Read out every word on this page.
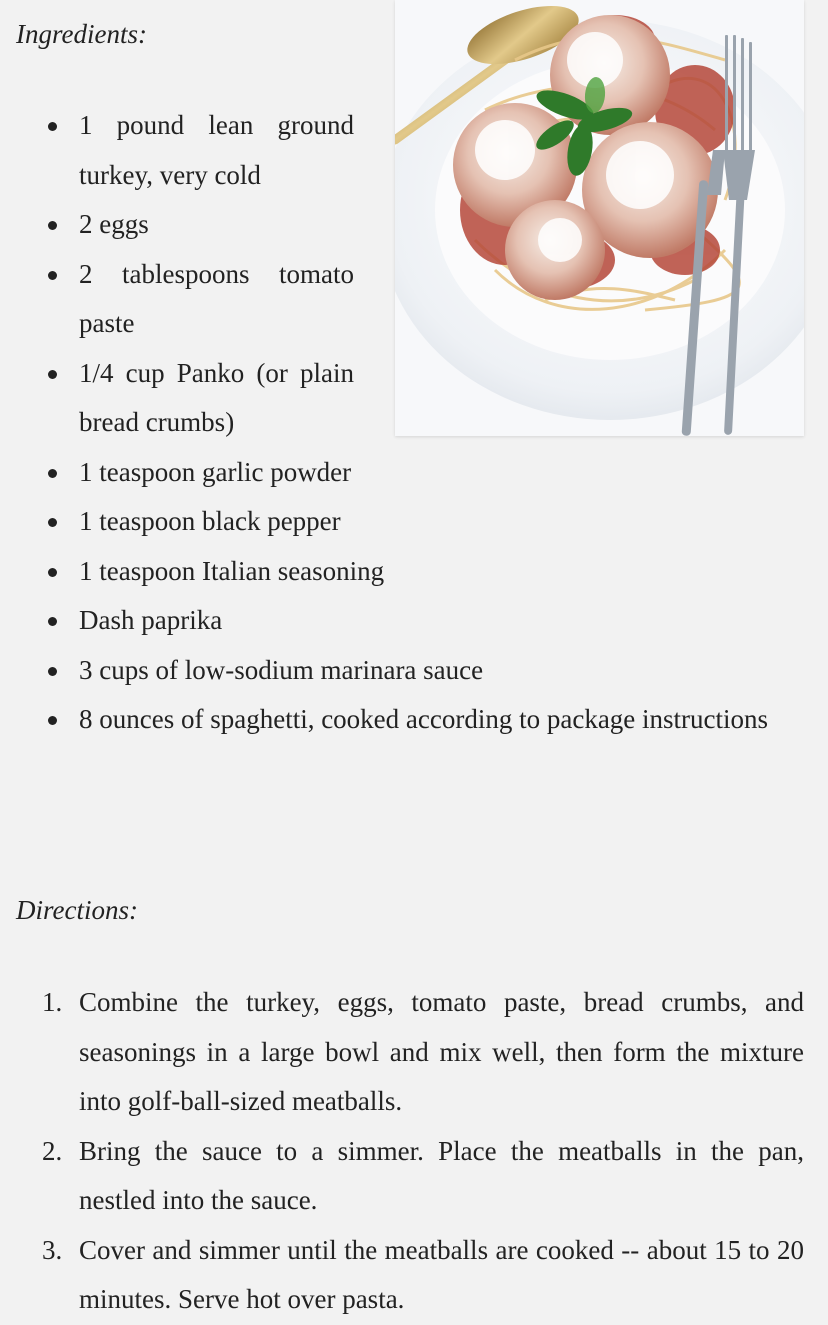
Ingredients:

1 pound lean ground turkey, very cold
2 eggs
2 tablespoons tomato paste
1/4 cup Panko (or plain bread crumbs)
1 teaspoon garlic powder
1 teaspoon black pepper
1 teaspoon Italian seasoning
Dash paprika
3 cups of low-sodium marinara sauce
8 ounces of spaghetti, cooked according to package instructions

Directions:

1. Combine the turkey, eggs, tomato paste, bread crumbs, and seasonings in a large bowl and mix well, then form the mixture into golf-ball-sized meatballs.
2. Bring the sauce to a simmer. Place the meatballs in the pan, nestled into the sauce.
3. Cover and simmer until the meatballs are cooked -- about 15 to 20 minutes. Serve hot over pasta.
